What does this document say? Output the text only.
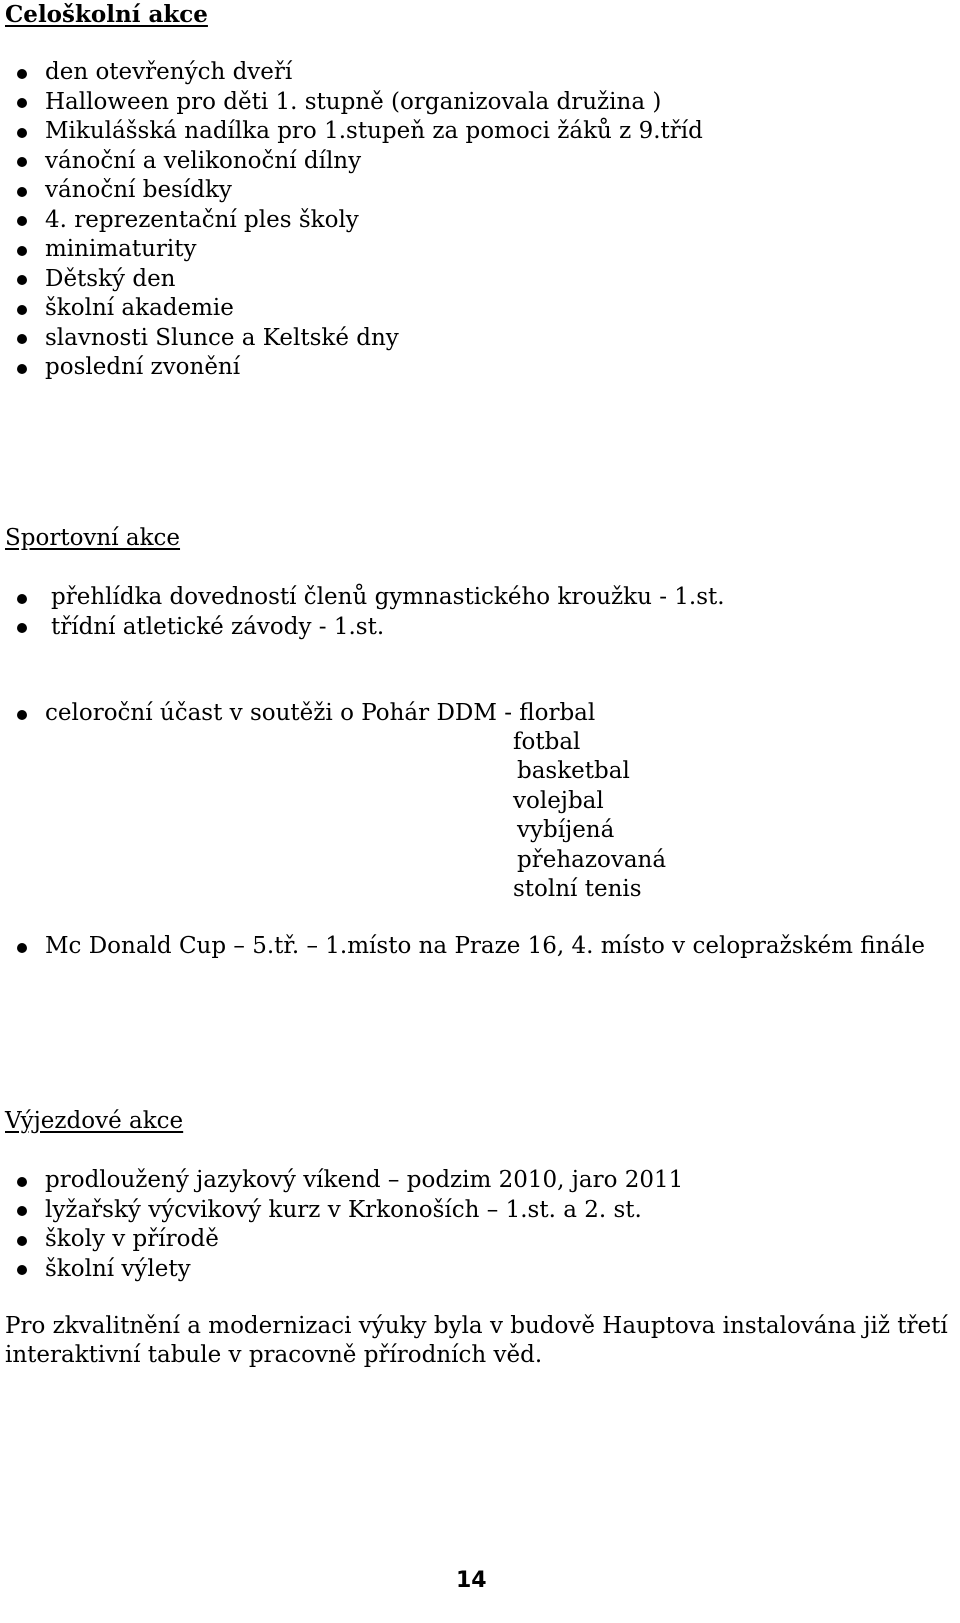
Celoškolní akce
den otevřených dveří
Halloween pro děti 1. stupně (organizovala družina )
Mikulášská nadílka pro 1.stupeň za pomoci žáků z 9.tříd
vánoční a velikonoční dílny
vánoční besídky
4. reprezentační ples školy
minimaturity
Dětský den
školní akademie
slavnosti Slunce a Keltské dny
poslední zvonění
Sportovní akce
přehlídka dovedností členů gymnastického kroužku - 1.st.
třídní atletické závody - 1.st.
celoroční účast v soutěži o Pohár DDM - florbal
fotbal
basketbal
volejbal
vybíjená
přehazovaná
stolní tenis
Mc Donald Cup – 5.tř. – 1.místo na Praze 16, 4. místo v celopražském finále
Výjezdové akce
prodloužený jazykový víkend – podzim 2010, jaro 2011
lyžařský výcvikový kurz v Krkonoších – 1.st. a 2. st.
školy v přírodě
školní výlety
Pro zkvalitnění a modernizaci výuky byla v budově Hauptova instalována již třetí
interaktivní tabule v pracovně přírodních věd.
14
